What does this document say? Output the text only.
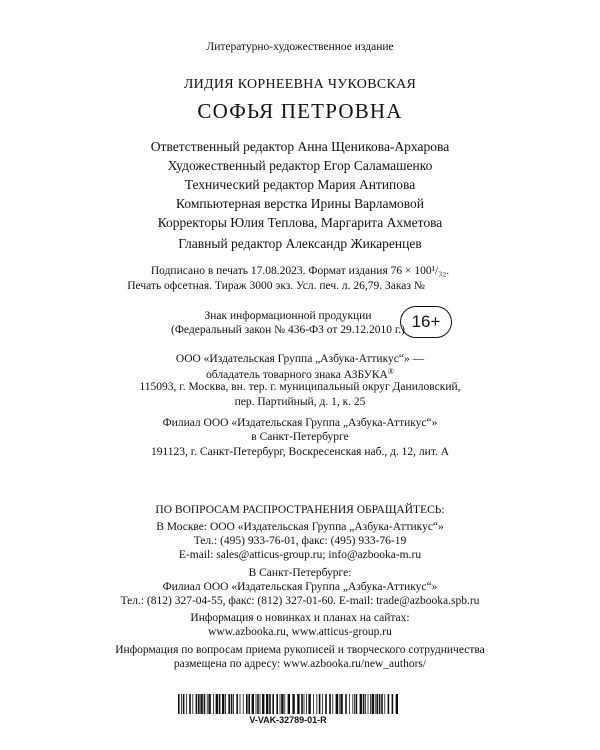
Литературно-художественное издание
ЛИДИЯ КОРНЕЕВНА ЧУКОВСКАЯ
СОФЬЯ ПЕТРОВНА
Ответственный редактор Анна Щеникова-Архарова
Художественный редактор Егор Саламашенко
Технический редактор Мария Антипова
Компьютерная верстка Ирины Варламовой
Корректоры Юлия Теплова, Маргарита Ахметова
Главный редактор Александр Жикаренцев
Подписано в печать 17.08.2023. Формат издания 76 × 100¹/₃₂.
Печать офсетная. Тираж 3000 экз. Усл. печ. л. 26,79. Заказ №
Знак информационной продукции
(Федеральный закон № 436-ФЗ от 29.12.2010 г.) 16+
ООО «Издательская Группа „Азбука-Аттикус“» —
обладатель товарного знака АЗБУКА®
115093, г. Москва, вн. тер. г. муниципальный округ Даниловский,
пер. Партийный, д. 1, к. 25
Филиал ООО «Издательская Группа „Азбука-Аттикус“»
в Санкт-Петербурге
191123, г. Санкт-Петербург, Воскресенская наб., д. 12, лит. А
ПО ВОПРОСАМ РАСПРОСТРАНЕНИЯ ОБРАЩАЙТЕСЬ:
В Москве: ООО «Издательская Группа „Азбука-Аттикус“»
Тел.: (495) 933-76-01, факс: (495) 933-76-19
E-mail: sales@atticus-group.ru; info@azbooka-m.ru
В Санкт-Петербурге:
Филиал ООО «Издательская Группа „Азбука-Аттикус“»
Тел.: (812) 327-04-55, факс: (812) 327-01-60. E-mail: trade@azbooka.spb.ru
Информация о новинках и планах на сайтах:
www.azbooka.ru, www.atticus-group.ru
Информация по вопросам приема рукописей и творческого сотрудничества
размещена по адресу: www.azbooka.ru/new_authors/
V-VAK-32789-01-R
